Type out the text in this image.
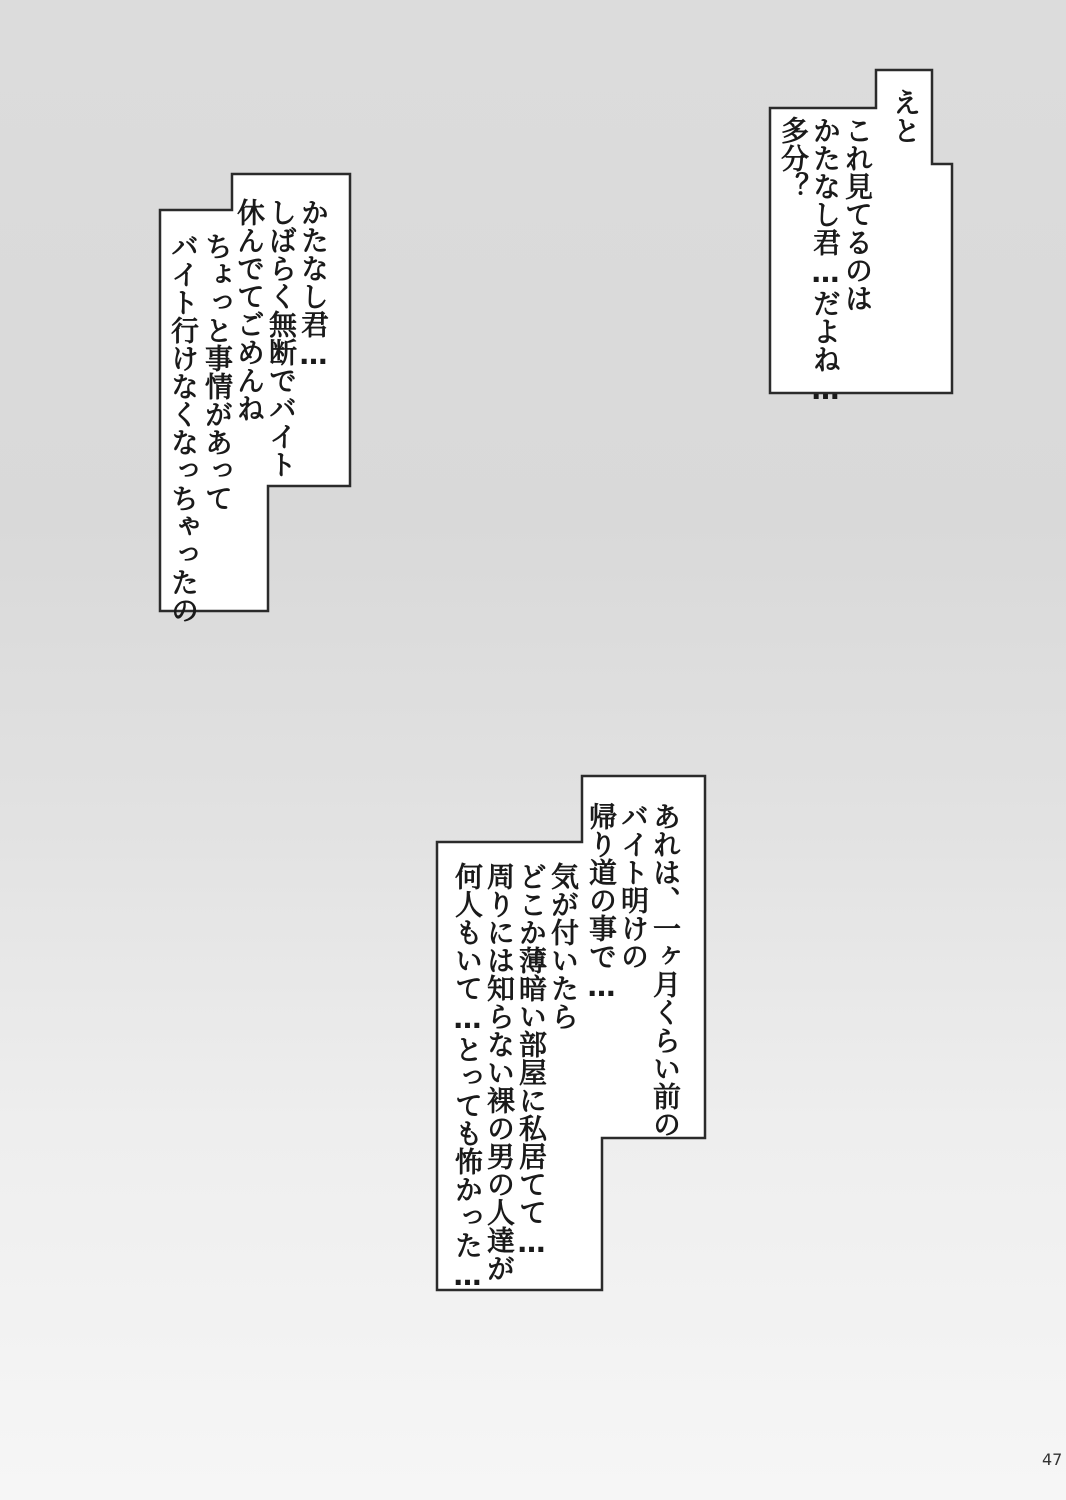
えと
これ見てるのは
かたなし君…だよね…
多分？
かたなし君…
しばらく無断でバイト
休んでてごめんね
ちょっと事情があって
バイト行けなくなっちゃったの
あれは、一ヶ月くらい前の
バイト明けの
帰り道の事で…
気が付いたら
どこか薄暗い部屋に私居てて…
周りには知らない裸の男の人達が
何人もいて…とっても怖かった…
47
